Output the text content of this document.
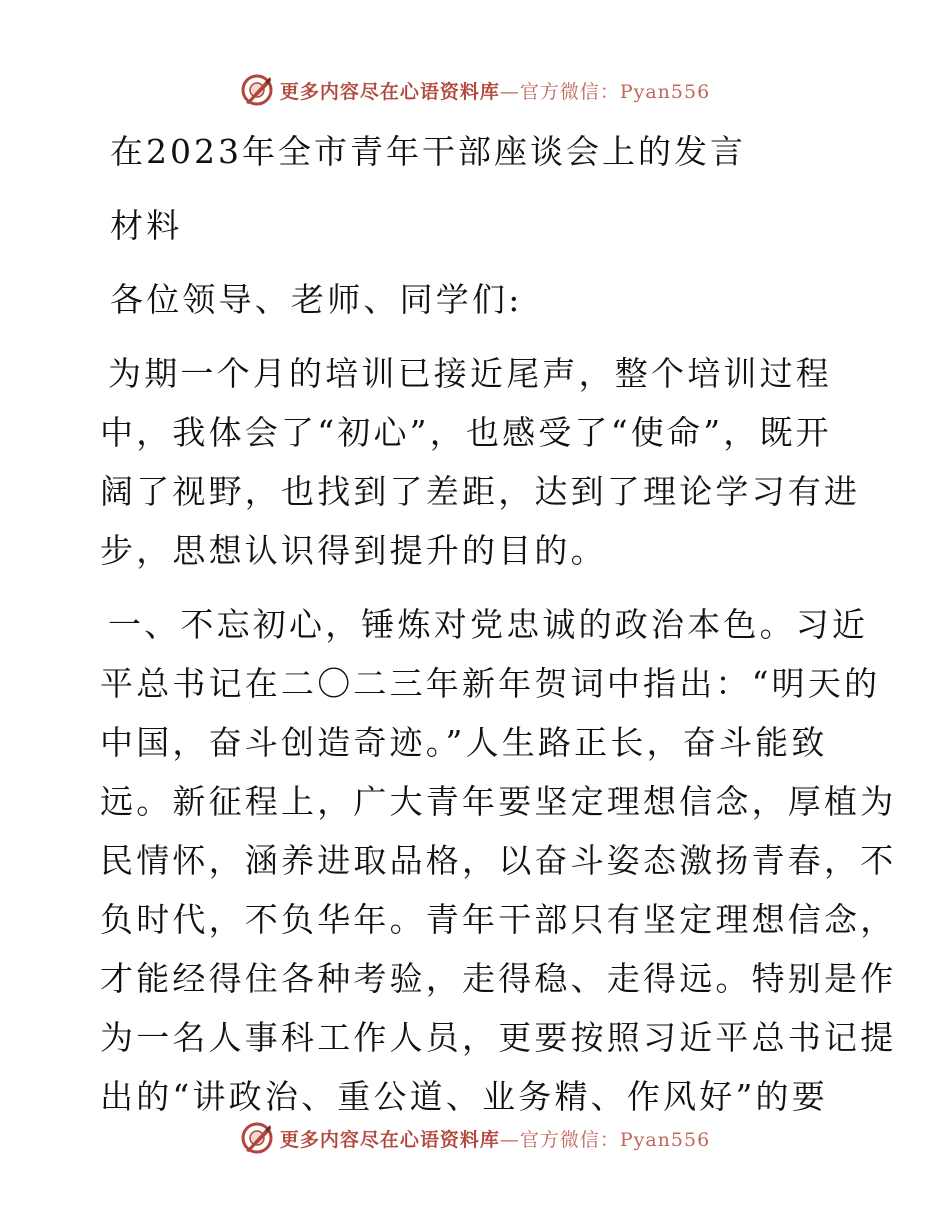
更多内容尽在心语资料库—官方微信：Pyan556

在2023年全市青年干部座谈会上的发言

材料

各位领导、老师、同学们:

为期一个月的培训已接近尾声，整个培训过程

中，我体会了“初心”，也感受了“使命”，既开

阔了视野，也找到了差距，达到了理论学习有进

步，思想认识得到提升的目的。

一、不忘初心，锤炼对党忠诚的政治本色。习近

平总书记在二〇二三年新年贺词中指出：“明天的

中国，奋斗创造奇迹。”人生路正长，奋斗能致

远。新征程上，广大青年要坚定理想信念，厚植为

民情怀，涵养进取品格，以奋斗姿态激扬青春，不

负时代，不负华年。青年干部只有坚定理想信念，

才能经得住各种考验，走得稳、走得远。特别是作

为一名人事科工作人员，更要按照习近平总书记提

出的“讲政治、重公道、业务精、作风好”的要

更多内容尽在心语资料库—官方微信：Pyan556
